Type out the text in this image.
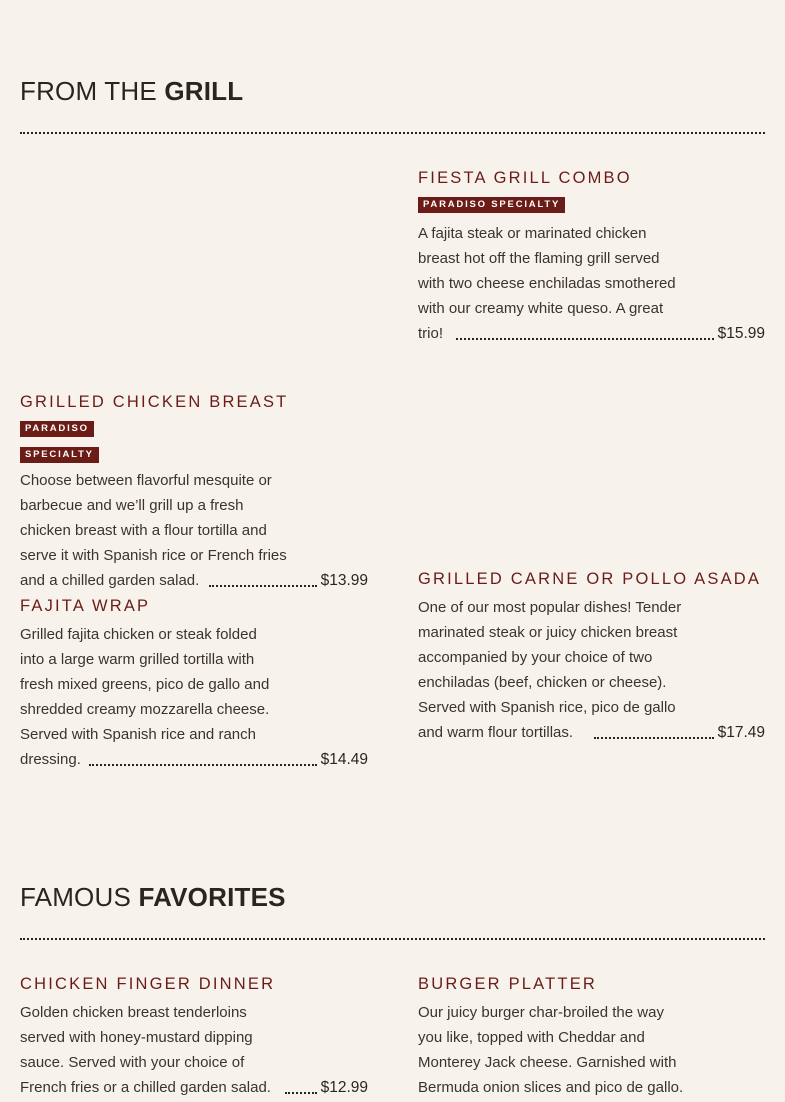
FROM THE GRILL
FIESTA GRILL COMBO PARADISO SPECIALTY

A fajita steak or marinated chicken
breast hot off the flaming grill served
with two cheese enchiladas smothered
with our creamy white queso. A great
trio!	$15.99
GRILLED CHICKEN BREAST PARADISO
SPECIALTY

Choose between flavorful mesquite or
barbecue and we’ll grill up a fresh
chicken breast with a flour tortilla and
serve it with Spanish rice or French fries
and a chilled garden salad.	$13.99	GRILLED CARNE OR POLLO ASADA

One of our most popular dishes! Tender
marinated steak or juicy chicken breast
accompanied by your choice of two
enchiladas (beef, chicken or cheese).
Served with Spanish rice, pico de gallo
and warm flour tortillas.	$17.49
FAJITA WRAP

Grilled fajita chicken or steak folded
into a large warm grilled tortilla with
fresh mixed greens, pico de gallo and
shredded creamy mozzarella cheese.
Served with Spanish rice and ranch
dressing.	$14.49
FAMOUS FAVORITES
CHICKEN FINGER DINNER

Golden chicken breast tenderloins
served with honey-mustard dipping
sauce. Served with your choice of
French fries or a chilled garden salad.	$12.99
BURGER PLATTER

Our juicy burger char-broiled the way
you like, topped with Cheddar and
Monterey Jack cheese. Garnished with
Bermuda onion slices and pico de gallo.
